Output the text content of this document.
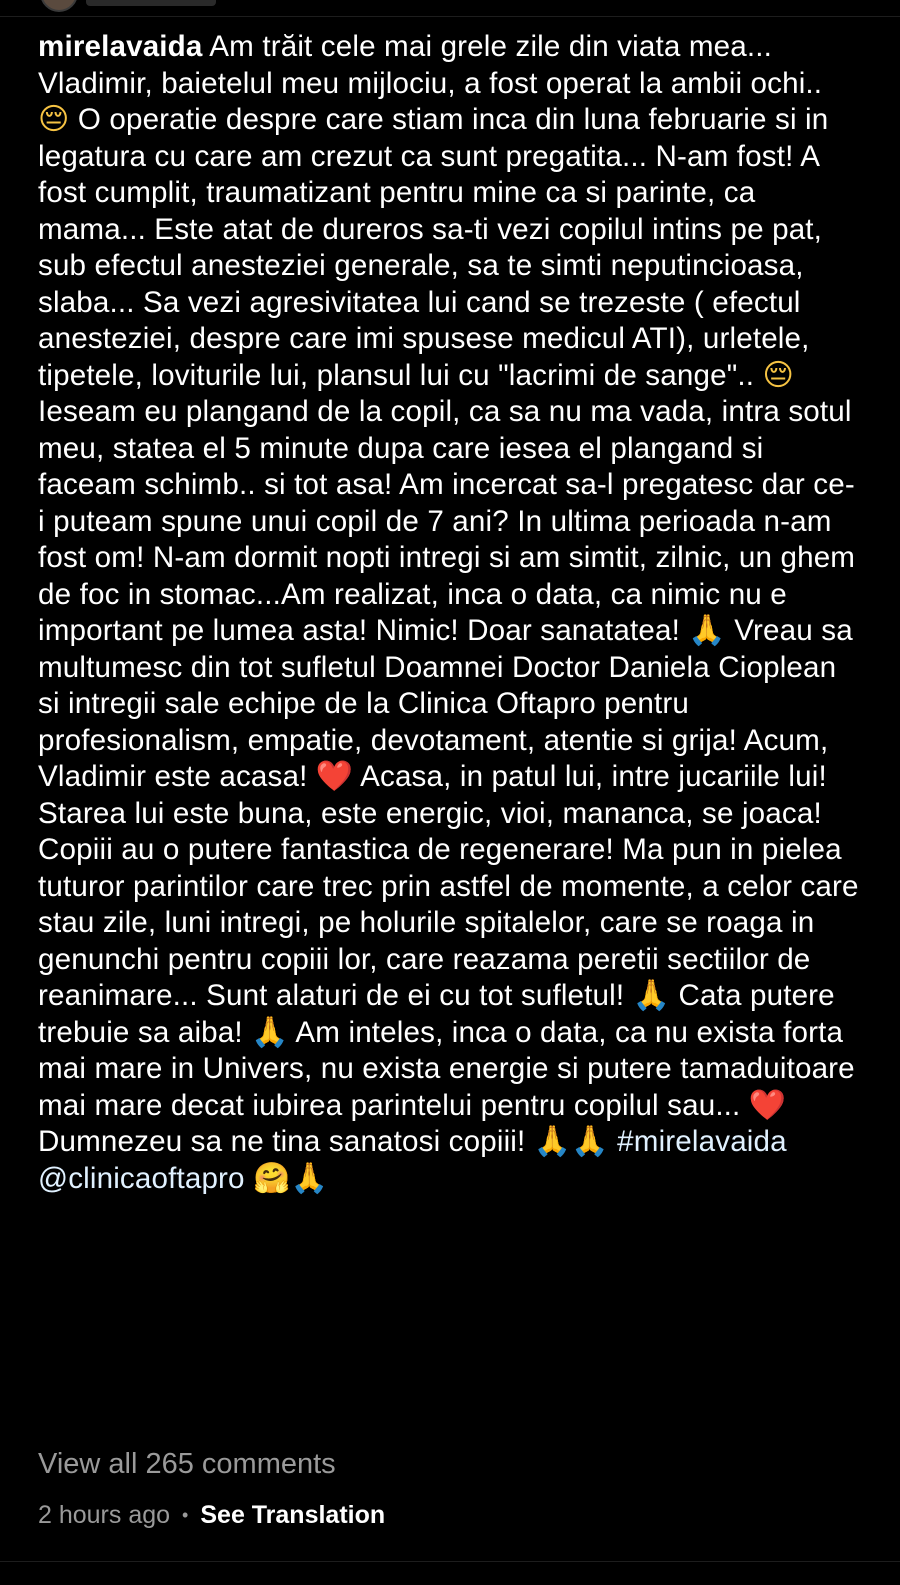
mirelavaida Am trăit cele mai grele zile din viata mea... Vladimir, baietelul meu mijlociu, a fost operat la ambii ochi.. 😔 O operatie despre care stiam inca din luna februarie si in legatura cu care am crezut ca sunt pregatita... N-am fost! A fost cumplit, traumatizant pentru mine ca si parinte, ca mama... Este atat de dureros sa-ti vezi copilul intins pe pat, sub efectul anesteziei generale, sa te simti neputincioasa, slaba... Sa vezi agresivitatea lui cand se trezeste ( efectul anesteziei, despre care imi spusese medicul ATI), urletele, tipetele, loviturile lui, plansul lui cu "lacrimi de sange".. 😔 Ieseam eu plangand de la copil, ca sa nu ma vada, intra sotul meu, statea el 5 minute dupa care iesea el plangand si faceam schimb.. si tot asa! Am incercat sa-l pregatesc dar ce-i puteam spune unui copil de 7 ani? In ultima perioada n-am fost om! N-am dormit nopti intregi si am simtit, zilnic, un ghem de foc in stomac...Am realizat, inca o data, ca nimic nu e important pe lumea asta! Nimic! Doar sanatatea! 🙏 Vreau sa multumesc din tot sufletul Doamnei Doctor Daniela Cioplean si intregii sale echipe de la Clinica Oftapro pentru profesionalism, empatie, devotament, atentie si grija! Acum, Vladimir este acasa! ❤️ Acasa, in patul lui, intre jucariile lui! Starea lui este buna, este energic, vioi, mananca, se joaca! Copiii au o putere fantastica de regenerare! Ma pun in pielea tuturor parintilor care trec prin astfel de momente, a celor care stau zile, luni intregi, pe holurile spitalelor, care se roaga in genunchi pentru copiii lor, care reazama peretii sectiilor de reanimare... Sunt alaturi de ei cu tot sufletul! 🙏 Cata putere trebuie sa aiba! 🙏 Am inteles, inca o data, ca nu exista forta mai mare in Univers, nu exista energie si putere tamaduitoare mai mare decat iubirea parintelui pentru copilul sau... ❤️ Dumnezeu sa ne tina sanatosi copiii! 🙏🙏 #mirelavaida @clinicaoftapro 🤗🙏

View all 265 comments

2 hours ago • See Translation
